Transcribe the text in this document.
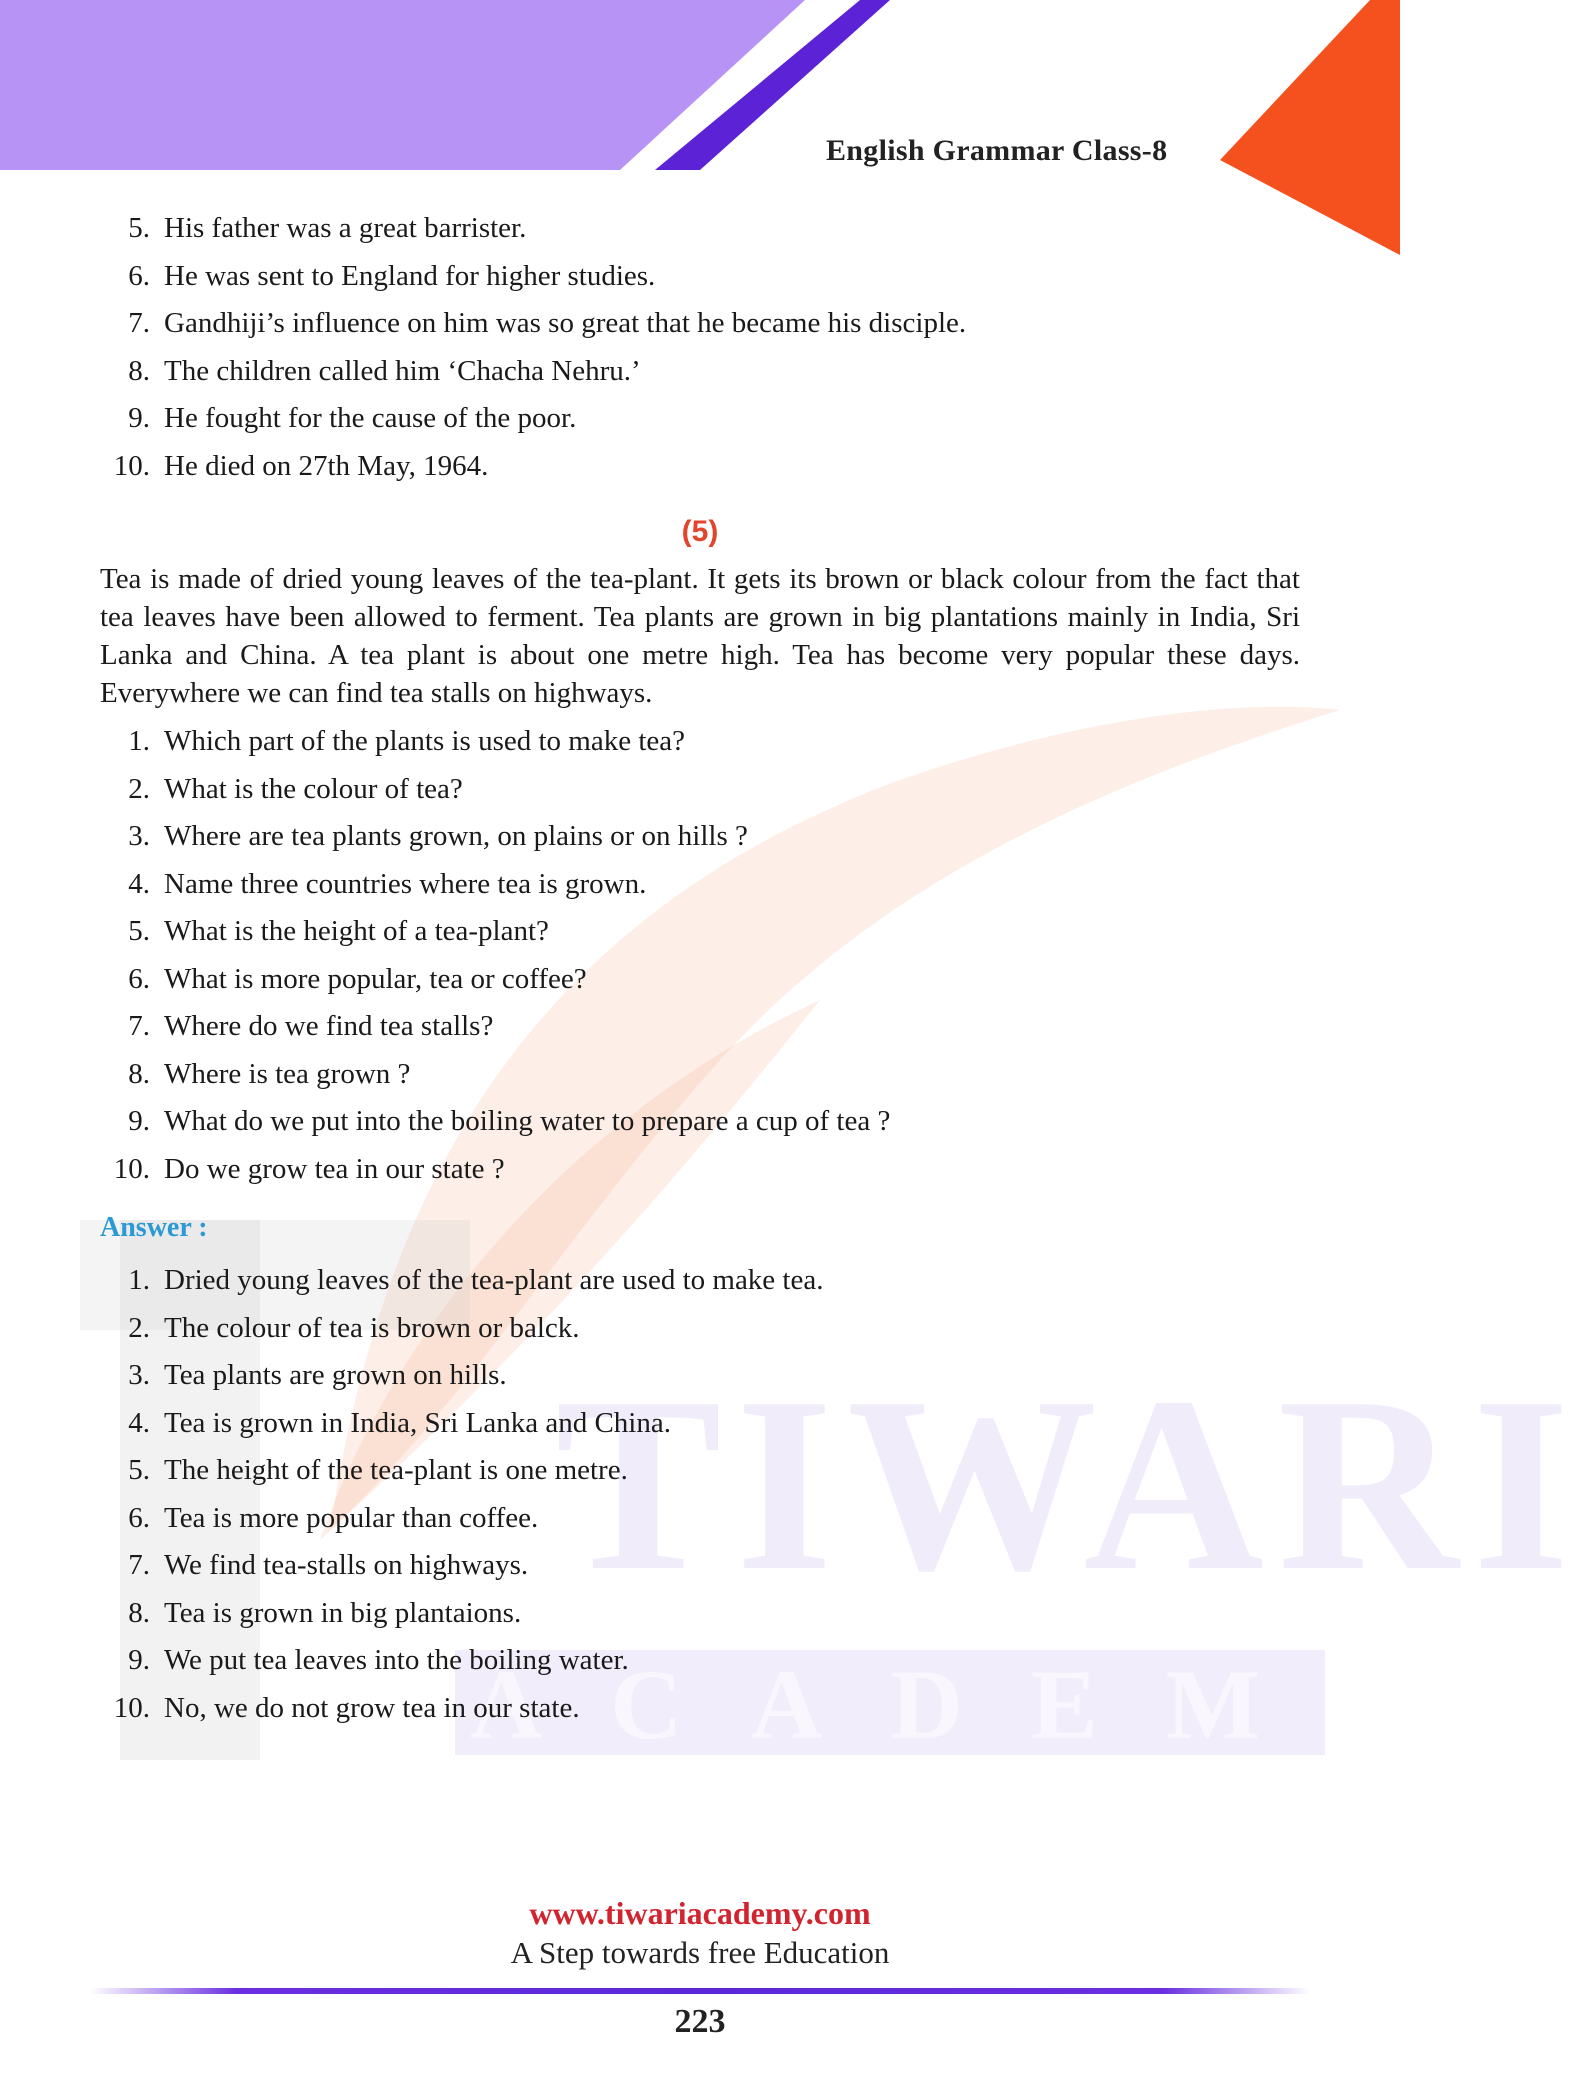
English Grammar Class-8
TIWARI
ACADEMY
5. His father was a great barrister.
6. He was sent to England for higher studies.
7. Gandhiji’s influence on him was so great that he became his disciple.
8. The children called him ‘Chacha Nehru.’
9. He fought for the cause of the poor.
10. He died on 27th May, 1964.
(5)

Tea is made of dried young leaves of the tea-plant. It gets its brown or black colour from the fact that tea leaves have been allowed to ferment. Tea plants are grown in big plantations mainly in India, Sri Lanka and China. A tea plant is about one metre high. Tea has become very popular these days. Everywhere we can find tea stalls on highways.

1. Which part of the plants is used to make tea?
2. What is the colour of tea?
3. Where are tea plants grown, on plains or on hills ?
4. Name three countries where tea is grown.
5. What is the height of a tea-plant?
6. What is more popular, tea or coffee?
7. Where do we find tea stalls?
8. Where is tea grown ?
9. What do we put into the boiling water to prepare a cup of tea ?
10. Do we grow tea in our state ?
Answer :
1. Dried young leaves of the tea-plant are used to make tea.
2. The colour of tea is brown or balck.
3. Tea plants are grown on hills.
4. Tea is grown in India, Sri Lanka and China.
5. The height of the tea-plant is one metre.
6. Tea is more popular than coffee.
7. We find tea-stalls on highways.
8. Tea is grown in big plantaions.
9. We put tea leaves into the boiling water.
10. No, we do not grow tea in our state.
www.tiwariacademy.com
A Step towards free Education
223
